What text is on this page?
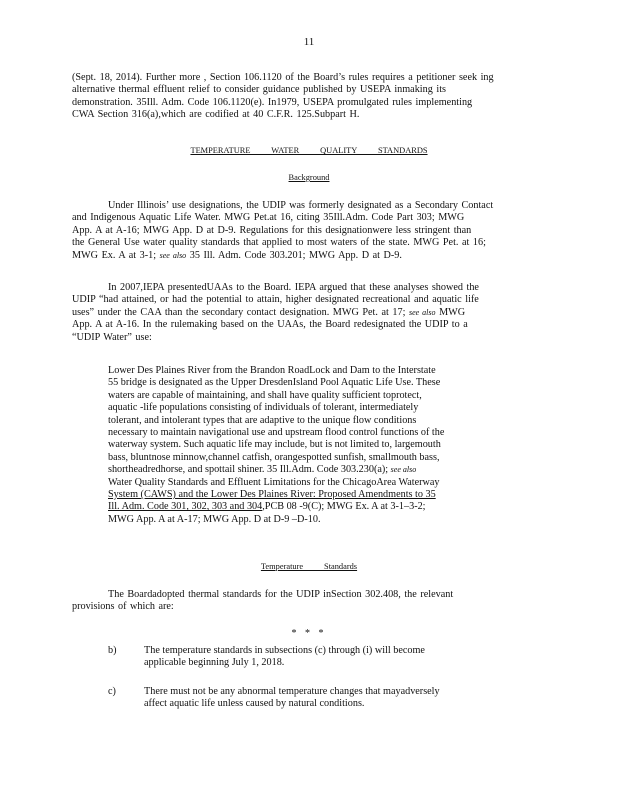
11
(Sept. 18, 2014). Further more , Section 106.1120 of the Board’s rules requires a petitioner seek ing
alternative thermal effluent relief to consider guidance published by USEPA inmaking its
demonstration. 35Ill. Adm. Code 106.1120(e). In1979, USEPA promulgated rules implementing
CWA Section 316(a),which are codified at 40 C.F.R. 125.Subpart H.
TEMPERATURE          WATER          QUALITY          STANDARDS
Background
Under Illinois’ use designations, the UDIP was formerly designated as a Secondary Contact
and Indigenous Aquatic Life Water. MWG Pet.at 16, citing 35Ill.Adm. Code Part 303; MWG
App. A at A-16; MWG App. D at D-9. Regulations for this designationwere less stringent than
the General Use water quality standards that applied to most waters of the state. MWG Pet. at 16;
MWG Ex. A at 3-1; see also 35 Ill. Adm. Code 303.201; MWG App. D at D-9.
In 2007,IEPA presentedUAAs to the Board. IEPA argued that these analyses showed the
UDIP “had attained, or had the potential to attain, higher designated recreational and aquatic life
uses” under the CAA than the secondary contact designation. MWG Pet. at 17; see also MWG
App. A at A-16. In the rulemaking based on the UAAs, the Board redesignated the UDIP to a
“UDIP Water” use:
Lower Des Plaines River from the Brandon RoadLock and Dam to the Interstate
55 bridge is designated as the Upper DresdenIsland Pool Aquatic Life Use. These
waters are capable of maintaining, and shall have quality sufficient toprotect,
aquatic -life populations consisting of individuals of tolerant, intermediately
tolerant, and intolerant types that are adaptive to the unique flow conditions
necessary to maintain navigational use and upstream flood control functions of the
waterway system. Such aquatic life may include, but is not limited to, largemouth
bass, bluntnose minnow,channel catfish, orangespotted sunfish, smallmouth bass,
shortheadredhorse, and spottail shiner. 35 Ill.Adm. Code 303.230(a); see also
Water Quality Standards and Effluent Limitations for the ChicagoArea Waterway
System (CAWS) and the Lower Des Plaines River: Proposed Amendments to 35
Ill. Adm. Code 301, 302, 303 and 304,PCB 08 -9(C); MWG Ex. A at 3-1–3-2;
MWG App. A at A-17; MWG App. D at D-9 –D-10.
Temperature          Standards
The Boardadopted thermal standards for the UDIP inSection 302.408, the relevant
provisions of which are:
* * *
b)	The temperature standards in subsections (c) through (i) will become
applicable beginning July 1, 2018.
c)	There must not be any abnormal temperature changes that mayadversely
affect aquatic life unless caused by natural conditions.
